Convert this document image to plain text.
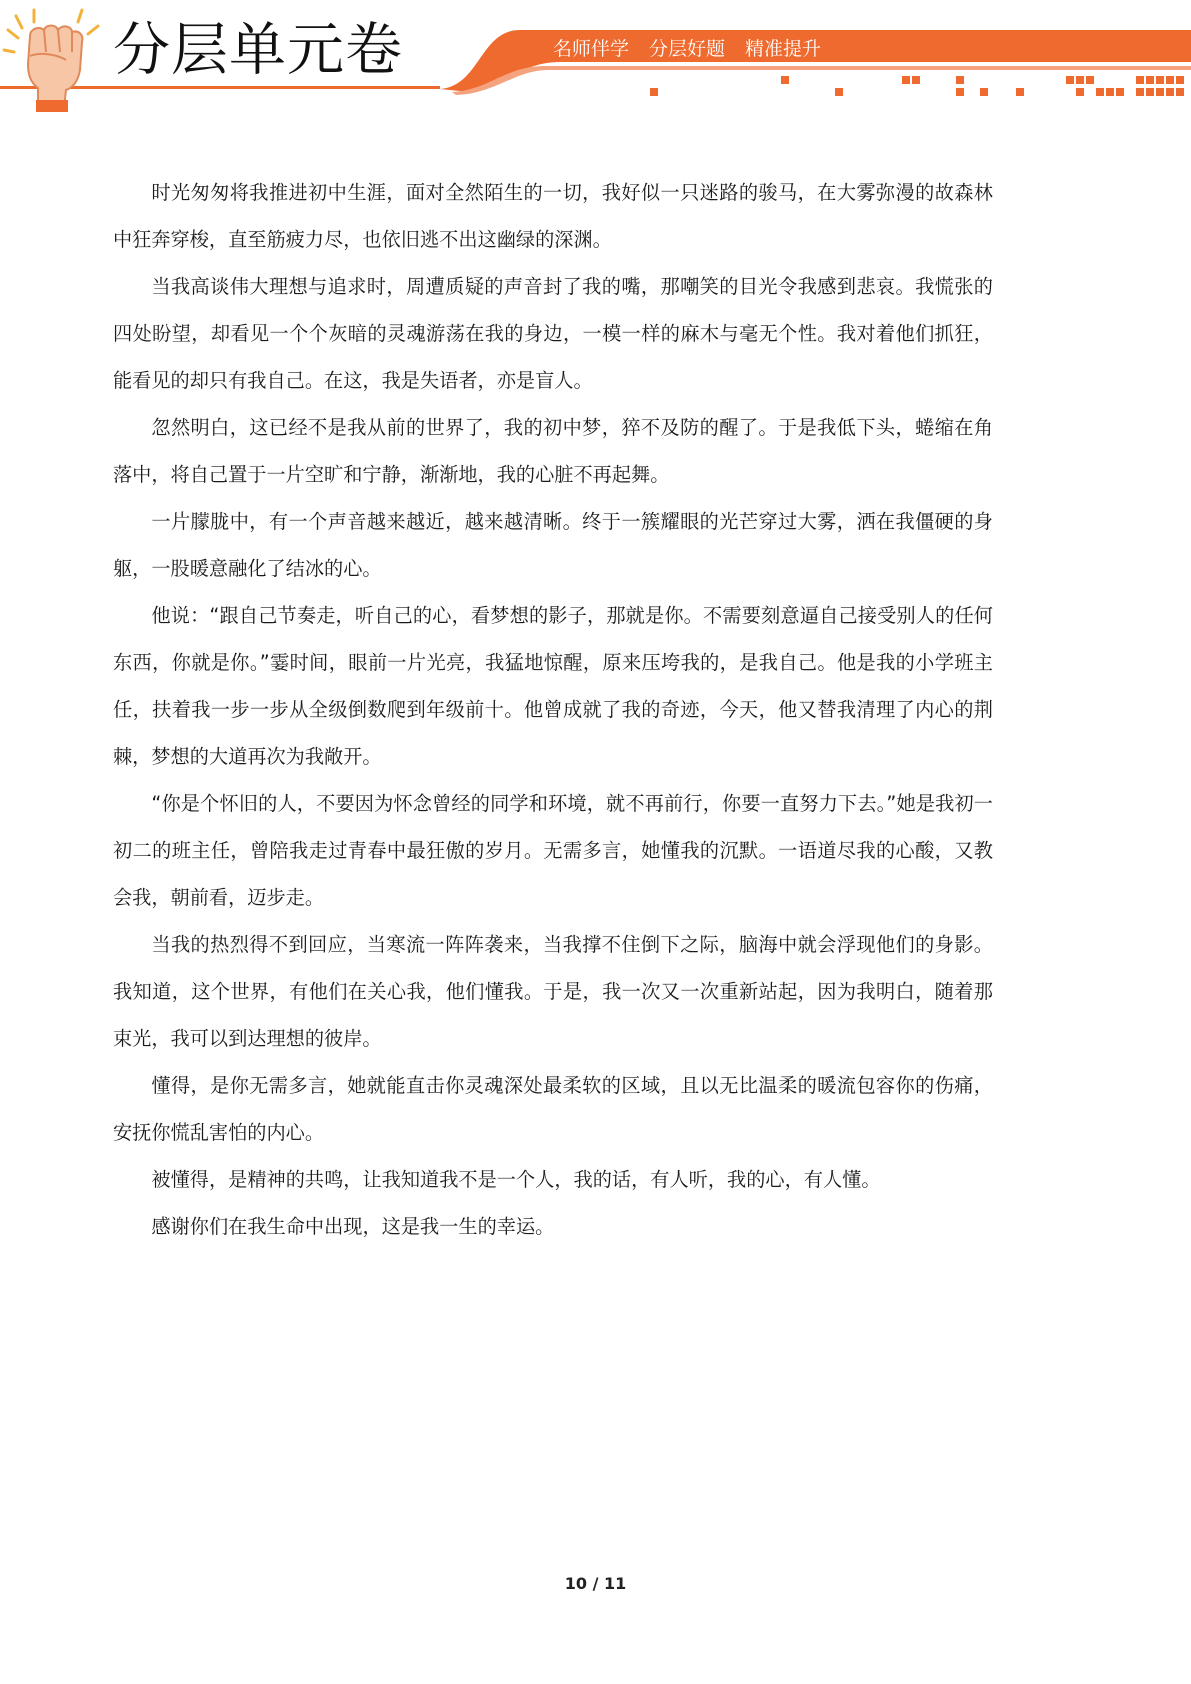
分层单元卷	名师伴学 分层好题 精准提升

时光匆匆将我推进初中生涯，面对全然陌生的一切，我好似一只迷路的骏马，在大雾弥漫的故森林中狂奔穿梭，直至筋疲力尽，也依旧逃不出这幽绿的深渊。

当我高谈伟大理想与追求时，周遭质疑的声音封了我的嘴，那嘲笑的目光令我感到悲哀。我慌张的四处盼望，却看见一个个灰暗的灵魂游荡在我的身边，一模一样的麻木与毫无个性。我对着他们抓狂，能看见的却只有我自己。在这，我是失语者，亦是盲人。

忽然明白，这已经不是我从前的世界了，我的初中梦，猝不及防的醒了。于是我低下头，蜷缩在角落中，将自己置于一片空旷和宁静，渐渐地，我的心脏不再起舞。

一片朦胧中，有一个声音越来越近，越来越清晰。终于一簇耀眼的光芒穿过大雾，洒在我僵硬的身躯，一股暖意融化了结冰的心。

他说：“跟自己节奏走，听自己的心，看梦想的影子，那就是你。不需要刻意逼自己接受别人的任何东西，你就是你。”霎时间，眼前一片光亮，我猛地惊醒，原来压垮我的，是我自己。他是我的小学班主任，扶着我一步一步从全级倒数爬到年级前十。他曾成就了我的奇迹，今天，他又替我清理了内心的荆棘，梦想的大道再次为我敞开。

“你是个怀旧的人，不要因为怀念曾经的同学和环境，就不再前行，你要一直努力下去。”她是我初一初二的班主任，曾陪我走过青春中最狂傲的岁月。无需多言，她懂我的沉默。一语道尽我的心酸，又教会我，朝前看，迈步走。

当我的热烈得不到回应，当寒流一阵阵袭来，当我撑不住倒下之际，脑海中就会浮现他们的身影。我知道，这个世界，有他们在关心我，他们懂我。于是，我一次又一次重新站起，因为我明白，随着那束光，我可以到达理想的彼岸。

懂得，是你无需多言，她就能直击你灵魂深处最柔软的区域，且以无比温柔的暖流包容你的伤痛，安抚你慌乱害怕的内心。

被懂得，是精神的共鸣，让我知道我不是一个人，我的话，有人听，我的心，有人懂。

感谢你们在我生命中出现，这是我一生的幸运。

10 / 11
